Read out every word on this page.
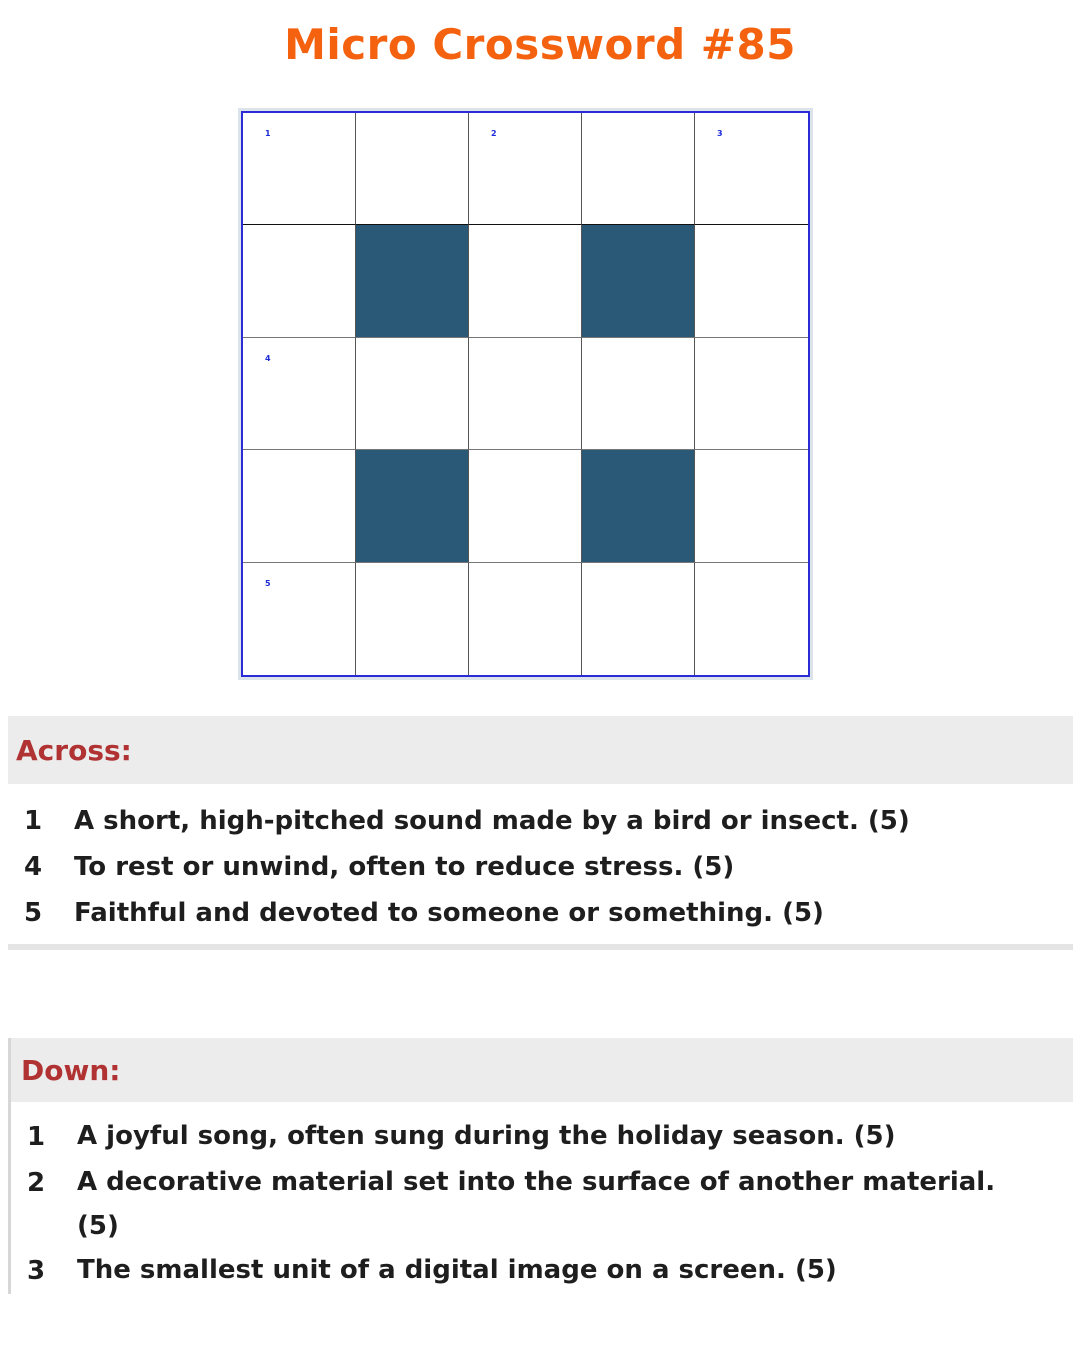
Micro Crossword #85
1	2	3
4
5
Across:
1	A short, high-pitched sound made by a bird or insect. (5)
4	To rest or unwind, often to reduce stress. (5)
5	Faithful and devoted to someone or something. (5)
Down:
1	A joyful song, often sung during the holiday season. (5)
2	A decorative material set into the surface of another material. (5)
3	The smallest unit of a digital image on a screen. (5)
